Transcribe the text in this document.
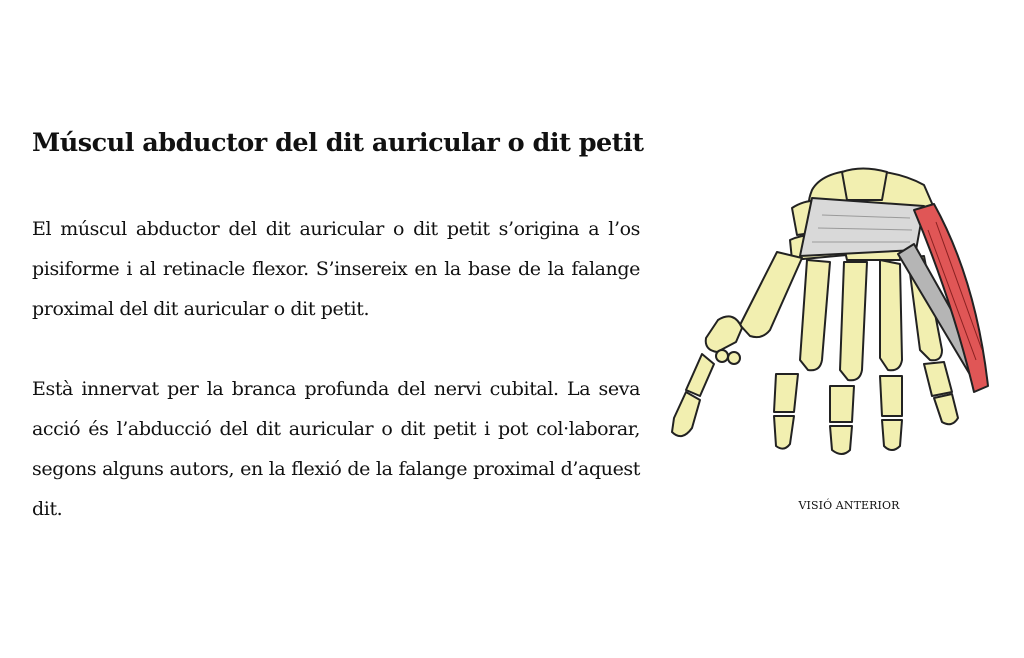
Múscul abductor del dit auricular o dit petit

El múscul abductor del dit auricular o dit petit s’origina a l’os pisiforme i al retinacle flexor. S’insereix en la base de la falange proximal del dit auricular o dit petit.

Està innervat per la branca profunda del nervi cubital. La seva acció és l’abducció del dit auricular o dit petit i pot col·laborar, segons alguns autors, en la flexió de la falange proximal d’aquest dit.	VISIÓ ANTERIOR
